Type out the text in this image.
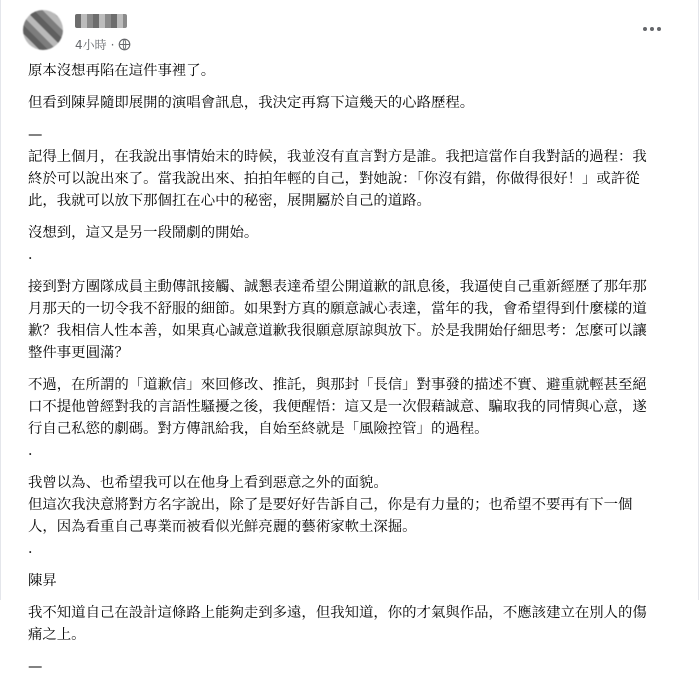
4小時 ·

原本沒想再陷在這件事裡了。

但看到陳昇隨即展開的演唱會訊息，我決定再寫下這幾天的心路歷程。

—
記得上個月，在我說出事情始末的時候，我並沒有直言對方是誰。我把這當作自我對話的過程：我
終於可以說出來了。當我說出來、拍拍年輕的自己，對她說：「你沒有錯，你做得很好！」或許從
此，我就可以放下那個扛在心中的秘密，展開屬於自己的道路。

沒想到，這又是另一段鬧劇的開始。
．

接到對方團隊成員主動傳訊接觸、誠懇表達希望公開道歉的訊息後，我逼使自己重新經歷了那年那
月那天的一切令我不舒服的細節。如果對方真的願意誠心表達，當年的我，會希望得到什麼樣的道
歉？我相信人性本善，如果真心誠意道歉我很願意原諒與放下。於是我開始仔細思考：怎麼可以讓
整件事更圓滿？

不過，在所謂的「道歉信」來回修改、推託，與那封「長信」對事發的描述不實、避重就輕甚至絕
口不提他曾經對我的言語性騷擾之後，我便醒悟：這又是一次假藉誠意、騙取我的同情與心意，遂
行自己私慾的劇碼。對方傳訊給我，自始至終就是「風險控管」的過程。
．

我曾以為、也希望我可以在他身上看到惡意之外的面貌。
但這次我決意將對方名字說出，除了是要好好告訴自己，你是有力量的；也希望不要再有下一個
人，因為看重自己專業而被看似光鮮亮麗的藝術家軟土深掘。
．

陳昇

我不知道自己在設計這條路上能夠走到多遠，但我知道，你的才氣與作品，不應該建立在別人的傷
痛之上。

—
